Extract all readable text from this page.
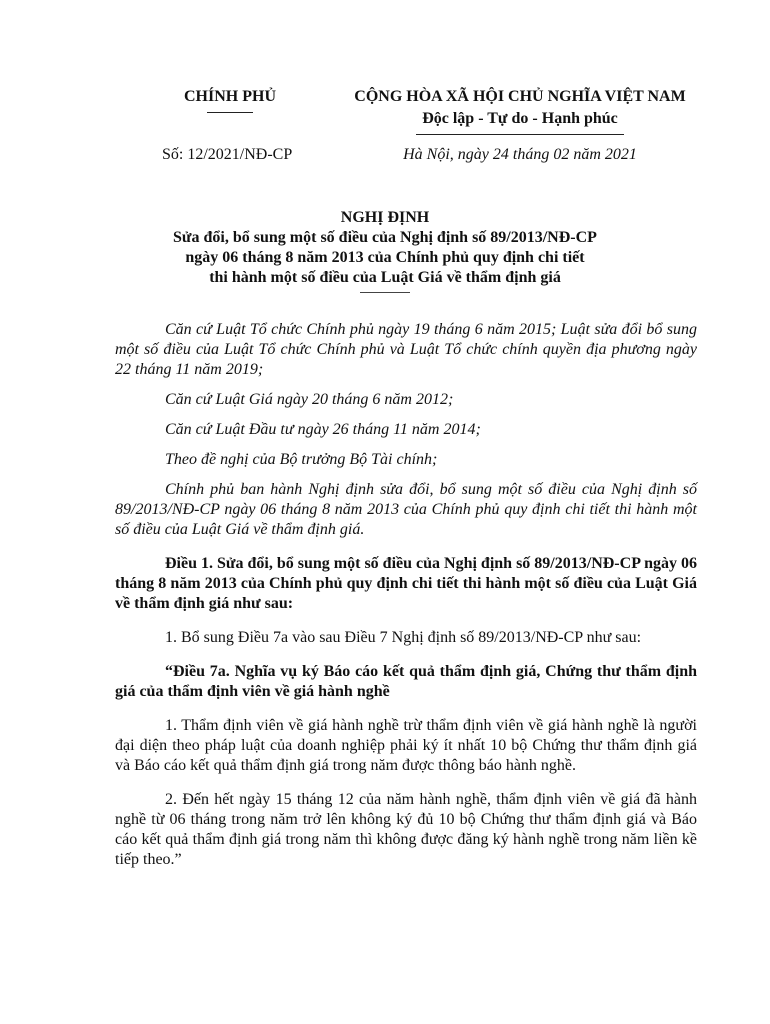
CHÍNH PHỦ	CỘNG HÒA XÃ HỘI CHỦ NGHĨA VIỆT NAM
Độc lập - Tự do - Hạnh phúc
Số: 12/2021/NĐ-CP	Hà Nội, ngày 24 tháng 02 năm 2021
NGHỊ ĐỊNH
Sửa đổi, bổ sung một số điều của Nghị định số 89/2013/NĐ-CP
ngày 06 tháng 8 năm 2013 của Chính phủ quy định chi tiết
thi hành một số điều của Luật Giá về thẩm định giá

Căn cứ Luật Tổ chức Chính phủ ngày 19 tháng 6 năm 2015; Luật sửa đổi bổ sung một số điều của Luật Tổ chức Chính phủ và Luật Tổ chức chính quyền địa phương ngày 22 tháng 11 năm 2019;

Căn cứ Luật Giá ngày 20 tháng 6 năm 2012;

Căn cứ Luật Đầu tư ngày 26 tháng 11 năm 2014;

Theo đề nghị của Bộ trưởng Bộ Tài chính;

Chính phủ ban hành Nghị định sửa đổi, bổ sung một số điều của Nghị định số 89/2013/NĐ-CP ngày 06 tháng 8 năm 2013 của Chính phủ quy định chi tiết thi hành một số điều của Luật Giá về thẩm định giá.

Điều 1. Sửa đổi, bổ sung một số điều của Nghị định số 89/2013/NĐ-CP ngày 06 tháng 8 năm 2013 của Chính phủ quy định chi tiết thi hành một số điều của Luật Giá về thẩm định giá như sau:

1. Bổ sung Điều 7a vào sau Điều 7 Nghị định số 89/2013/NĐ-CP như sau:

“Điều 7a. Nghĩa vụ ký Báo cáo kết quả thẩm định giá, Chứng thư thẩm định giá của thẩm định viên về giá hành nghề

1. Thẩm định viên về giá hành nghề trừ thẩm định viên về giá hành nghề là người đại diện theo pháp luật của doanh nghiệp phải ký ít nhất 10 bộ Chứng thư thẩm định giá và Báo cáo kết quả thẩm định giá trong năm được thông báo hành nghề.

2. Đến hết ngày 15 tháng 12 của năm hành nghề, thẩm định viên về giá đã hành nghề từ 06 tháng trong năm trở lên không ký đủ 10 bộ Chứng thư thẩm định giá và Báo cáo kết quả thẩm định giá trong năm thì không được đăng ký hành nghề trong năm liền kề tiếp theo.”
